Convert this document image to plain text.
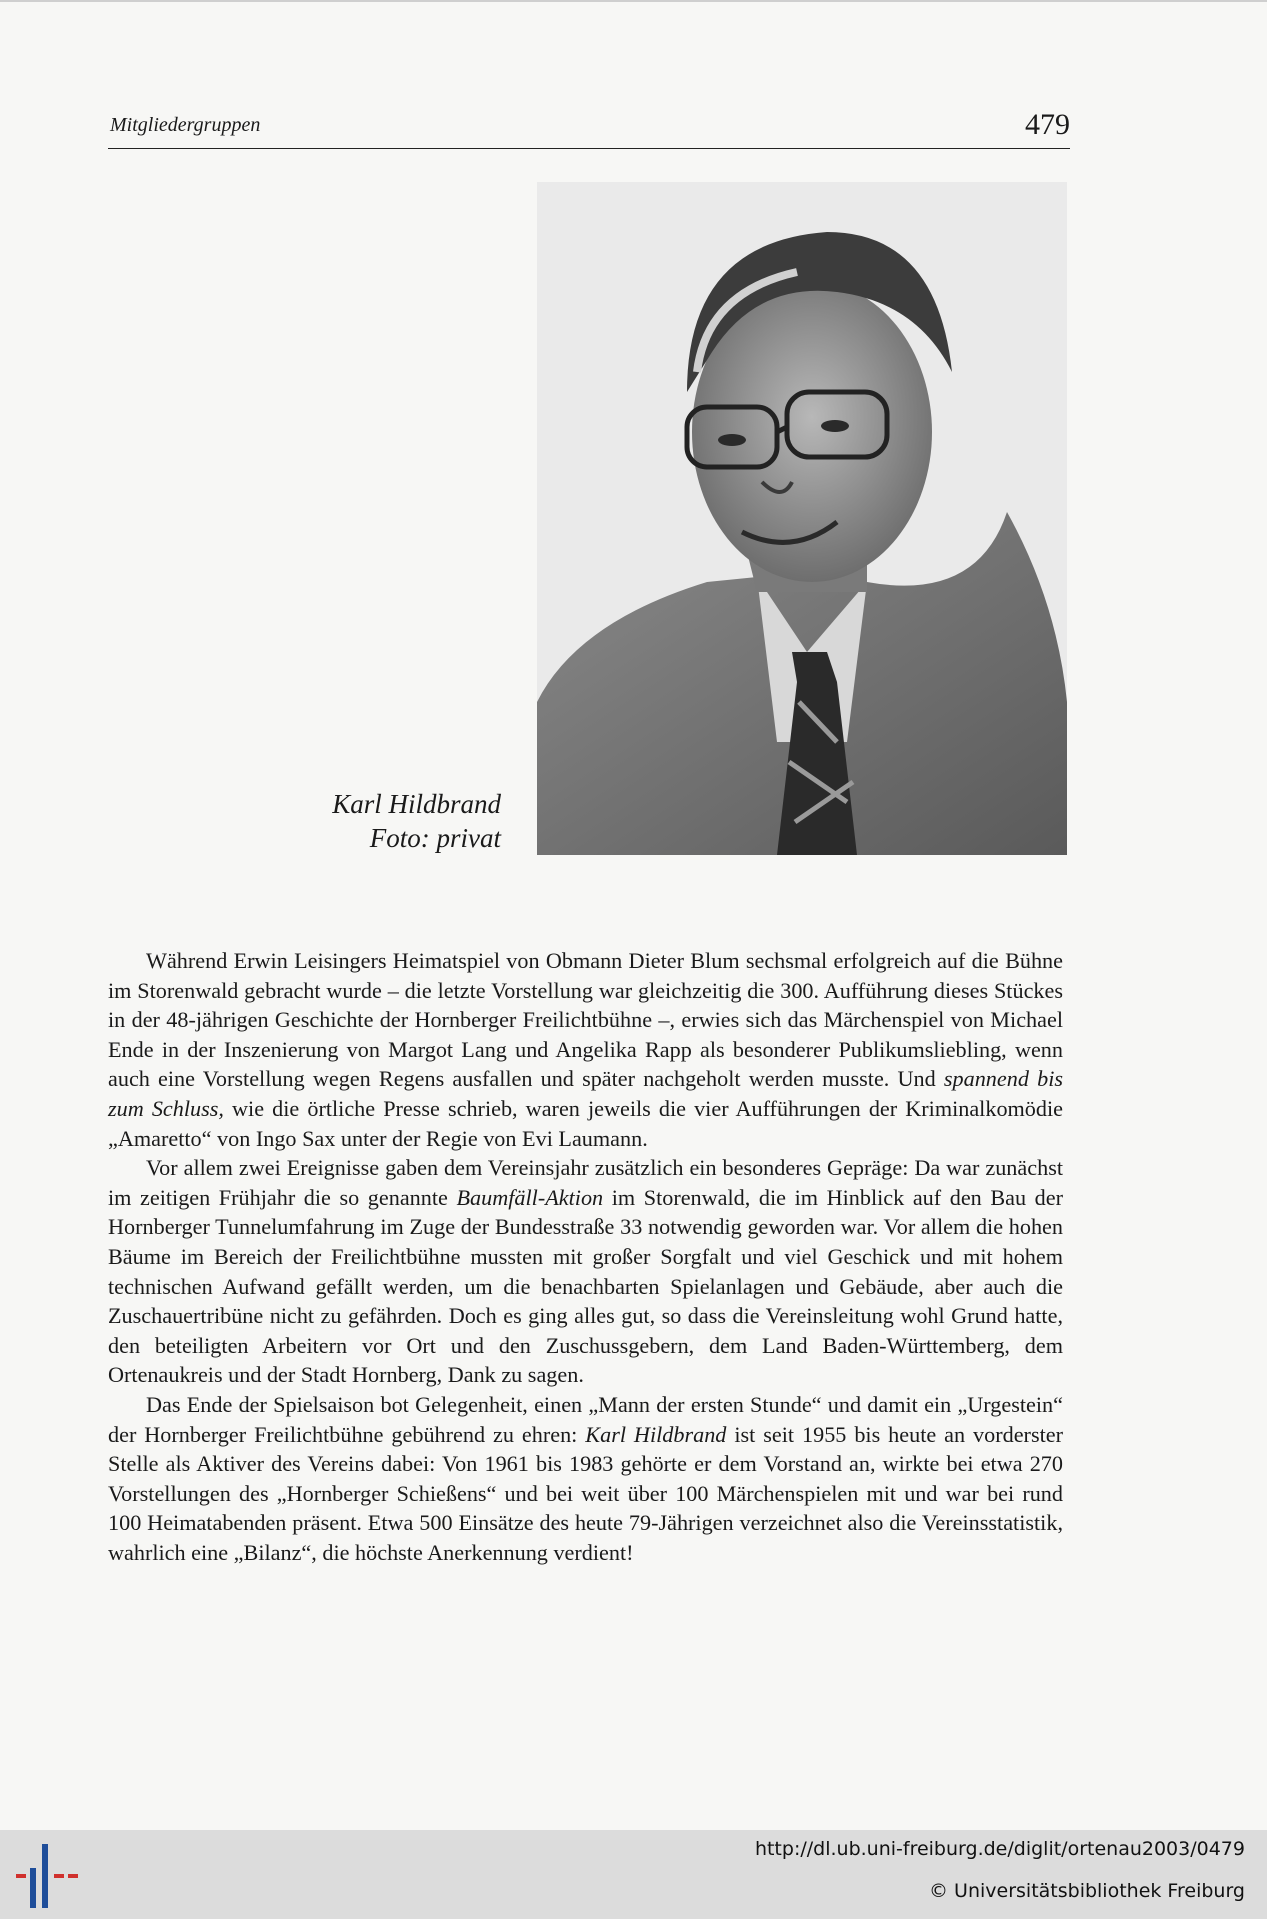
Mitgliedergruppen	479
Karl Hildbrand
Foto: privat

Während Erwin Leisingers Heimatspiel von Obmann Dieter Blum sechsmal erfolgreich auf die Bühne im Storenwald gebracht wurde – die letzte Vorstellung war gleichzeitig die 300. Aufführung dieses Stückes in der 48-jährigen Geschichte der Hornberger Freilichtbühne –, erwies sich das Märchenspiel von Michael Ende in der Inszenierung von Margot Lang und Angelika Rapp als besonderer Publikumsliebling, wenn auch eine Vorstellung wegen Regens ausfallen und später nachgeholt werden musste. Und spannend bis zum Schluss, wie die örtliche Presse schrieb, waren jeweils die vier Aufführungen der Kriminalkomödie „Amaretto“ von Ingo Sax unter der Regie von Evi Laumann.

Vor allem zwei Ereignisse gaben dem Vereinsjahr zusätzlich ein besonderes Gepräge: Da war zunächst im zeitigen Frühjahr die so genannte Baumfäll-Aktion im Storenwald, die im Hinblick auf den Bau der Hornberger Tunnelumfahrung im Zuge der Bundesstraße 33 notwendig geworden war. Vor allem die hohen Bäume im Bereich der Freilichtbühne mussten mit großer Sorgfalt und viel Geschick und mit hohem technischen Aufwand gefällt werden, um die benachbarten Spielanlagen und Gebäude, aber auch die Zuschauertribüne nicht zu gefährden. Doch es ging alles gut, so dass die Vereinsleitung wohl Grund hatte, den beteiligten Arbeitern vor Ort und den Zuschussgebern, dem Land Baden-Württemberg, dem Ortenaukreis und der Stadt Hornberg, Dank zu sagen.

Das Ende der Spielsaison bot Gelegenheit, einen „Mann der ersten Stunde“ und damit ein „Urgestein“ der Hornberger Freilichtbühne gebührend zu ehren: Karl Hildbrand ist seit 1955 bis heute an vorderster Stelle als Aktiver des Vereins dabei: Von 1961 bis 1983 gehörte er dem Vorstand an, wirkte bei etwa 270 Vorstellungen des „Hornberger Schießens“ und bei weit über 100 Märchenspielen mit und war bei rund 100 Heimatabenden präsent. Etwa 500 Einsätze des heute 79-Jährigen verzeichnet also die Vereinsstatistik, wahrlich eine „Bilanz“, die höchste Anerkennung verdient!

http://dl.ub.uni-freiburg.de/diglit/ortenau2003/0479
© Universitätsbibliothek Freiburg
